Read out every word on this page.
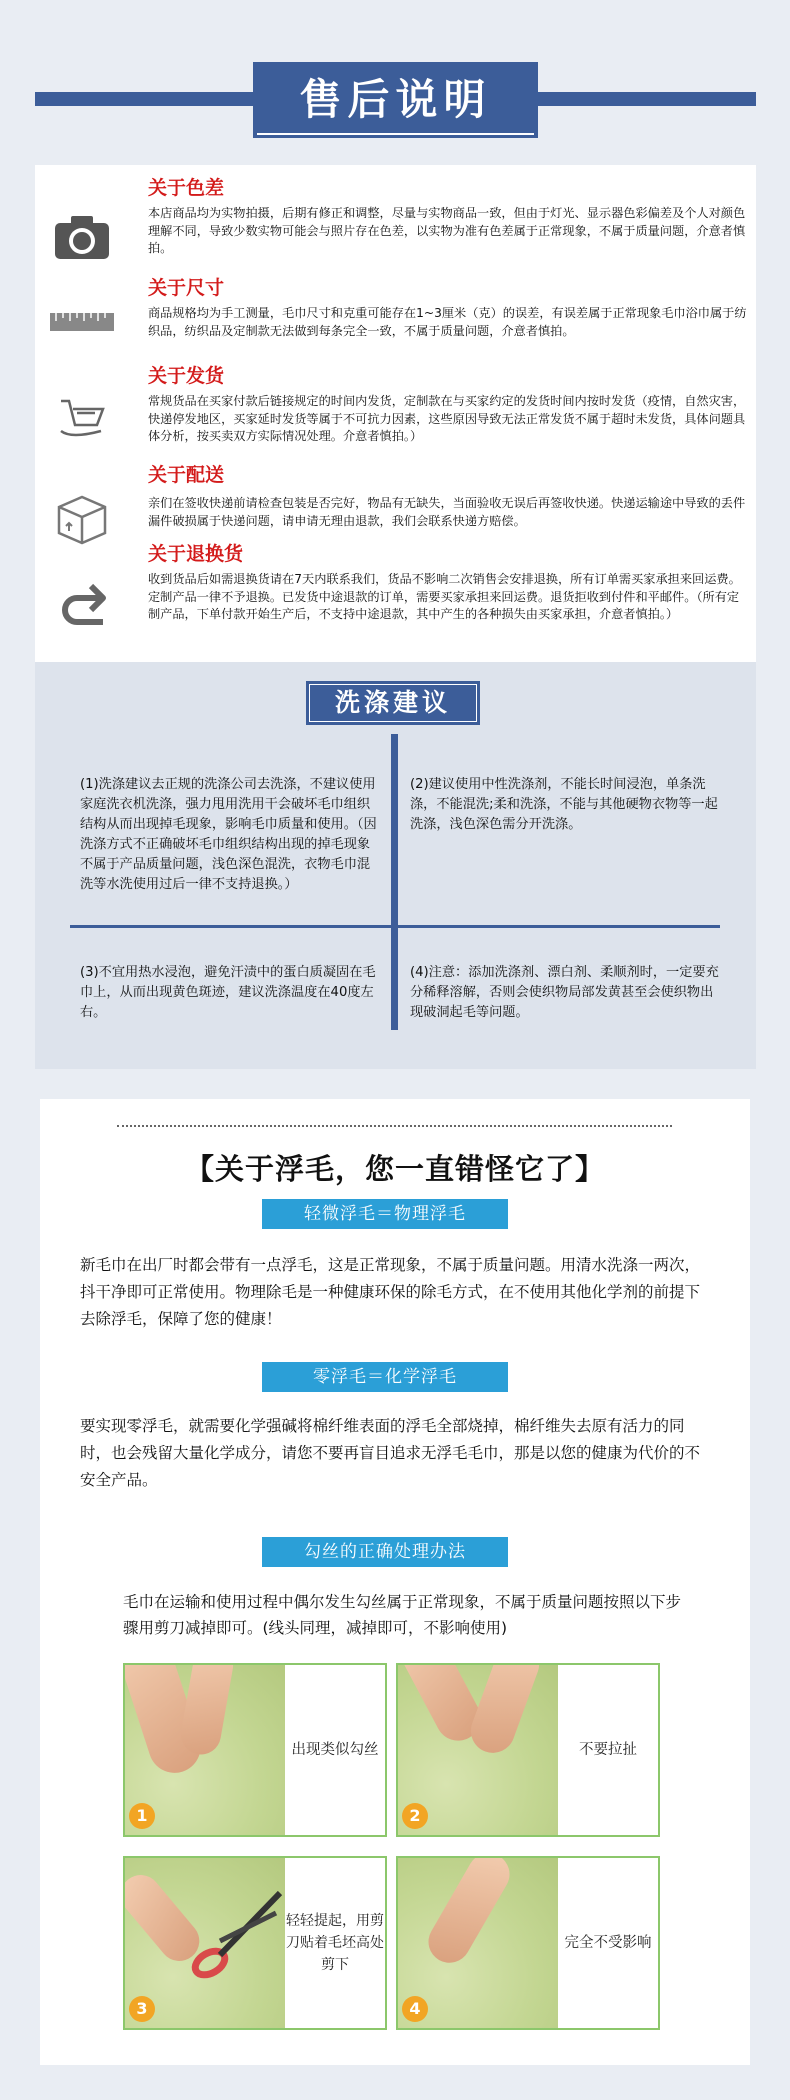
售后说明
关于色差
本店商品均为实物拍摄，后期有修正和调整，尽量与实物商品一致，但由于灯光、显示器色彩偏差及个人对颜色理解不同，导致少数实物可能会与照片存在色差，以实物为准有色差属于正常现象，不属于质量问题，介意者慎拍。
关于尺寸
商品规格均为手工测量，毛巾尺寸和克重可能存在1~3厘米（克）的误差，有误差属于正常现象毛巾浴巾属于纺织品，纺织品及定制款无法做到每条完全一致，不属于质量问题，介意者慎拍。
关于发货
常规货品在买家付款后链接规定的时间内发货，定制款在与买家约定的发货时间内按时发货（疫情，自然灾害，快递停发地区，买家延时发货等属于不可抗力因素，这些原因导致无法正常发货不属于超时未发货，具体问题具体分析，按买卖双方实际情况处理。介意者慎拍。）
关于配送
亲们在签收快递前请检查包装是否完好，物品有无缺失，当面验收无误后再签收快递。快递运输途中导致的丢件漏件破损属于快递问题，请申请无理由退款，我们会联系快递方赔偿。
关于退换货
收到货品后如需退换货请在7天内联系我们，货品不影响二次销售会安排退换，所有订单需买家承担来回运费。定制产品一律不予退换。已发货中途退款的订单，需要买家承担来回运费。退货拒收到付件和平邮件。（所有定制产品，下单付款开始生产后，不支持中途退款，其中产生的各种损失由买家承担，介意者慎拍。）
洗涤建议
(1)洗涤建议去正规的洗涤公司去洗涤，不建议使用家庭洗衣机洗涤，强力甩用洗用干会破坏毛巾组织结构从而出现掉毛现象，影响毛巾质量和使用。（因洗涤方式不正确破坏毛巾组织结构出现的掉毛现象不属于产品质量问题，浅色深色混洗，衣物毛巾混洗等水洗使用过后一律不支持退换。）
(2)建议使用中性洗涤剂，不能长时间浸泡，单条洗涤，不能混洗;柔和洗涤，不能与其他硬物衣物等一起洗涤，浅色深色需分开洗涤。
(3)不宜用热水浸泡，避免汗渍中的蛋白质凝固在毛巾上，从而出现黄色斑迹，建议洗涤温度在40度左右。
(4)注意：添加洗涤剂、漂白剂、柔顺剂时，一定要充分稀释溶解，否则会使织物局部发黄甚至会使织物出现破洞起毛等问题。
【关于浮毛，您一直错怪它了】
轻微浮毛＝物理浮毛
新毛巾在出厂时都会带有一点浮毛，这是正常现象，不属于质量问题。用清水洗涤一两次，抖干净即可正常使用。物理除毛是一种健康环保的除毛方式，在不使用其他化学剂的前提下去除浮毛，保障了您的健康！
零浮毛＝化学浮毛
要实现零浮毛，就需要化学强碱将棉纤维表面的浮毛全部烧掉，棉纤维失去原有活力的同时，也会残留大量化学成分，请您不要再盲目追求无浮毛毛巾，那是以您的健康为代价的不安全产品。
勾丝的正确处理办法
毛巾在运输和使用过程中偶尔发生勾丝属于正常现象，不属于质量问题按照以下步骤用剪刀减掉即可。(线头同理，减掉即可，不影响使用)
出现类似勾丝
1
不要拉扯
2
轻轻提起，用剪刀贴着毛坯高处剪下
3
完全不受影响
4
